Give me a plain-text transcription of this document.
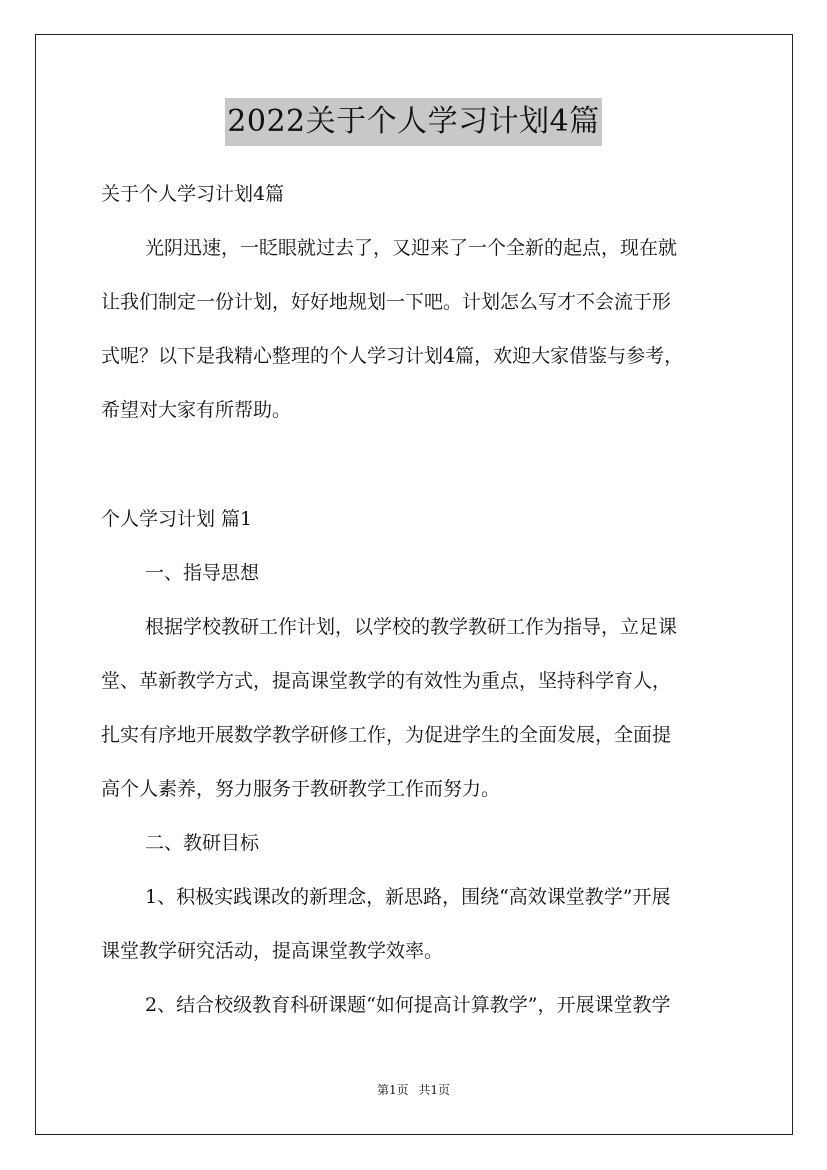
2022关于个人学习计划4篇
关于个人学习计划4篇
光阴迅速，一眨眼就过去了，又迎来了一个全新的起点，现在就
让我们制定一份计划，好好地规划一下吧。计划怎么写才不会流于形
式呢？以下是我精心整理的个人学习计划4篇，欢迎大家借鉴与参考，
希望对大家有所帮助。
个人学习计划 篇1
一、指导思想
根据学校教研工作计划，以学校的教学教研工作为指导，立足课
堂、革新教学方式，提高课堂教学的有效性为重点，坚持科学育人，
扎实有序地开展数学教学研修工作，为促进学生的全面发展，全面提
高个人素养，努力服务于教研教学工作而努力。
二、教研目标
1、积极实践课改的新理念，新思路，围绕“高效课堂教学”开展
课堂教学研究活动，提高课堂教学效率。
2、结合校级教育科研课题“如何提高计算教学”，开展课堂教学
第1页 共1页
